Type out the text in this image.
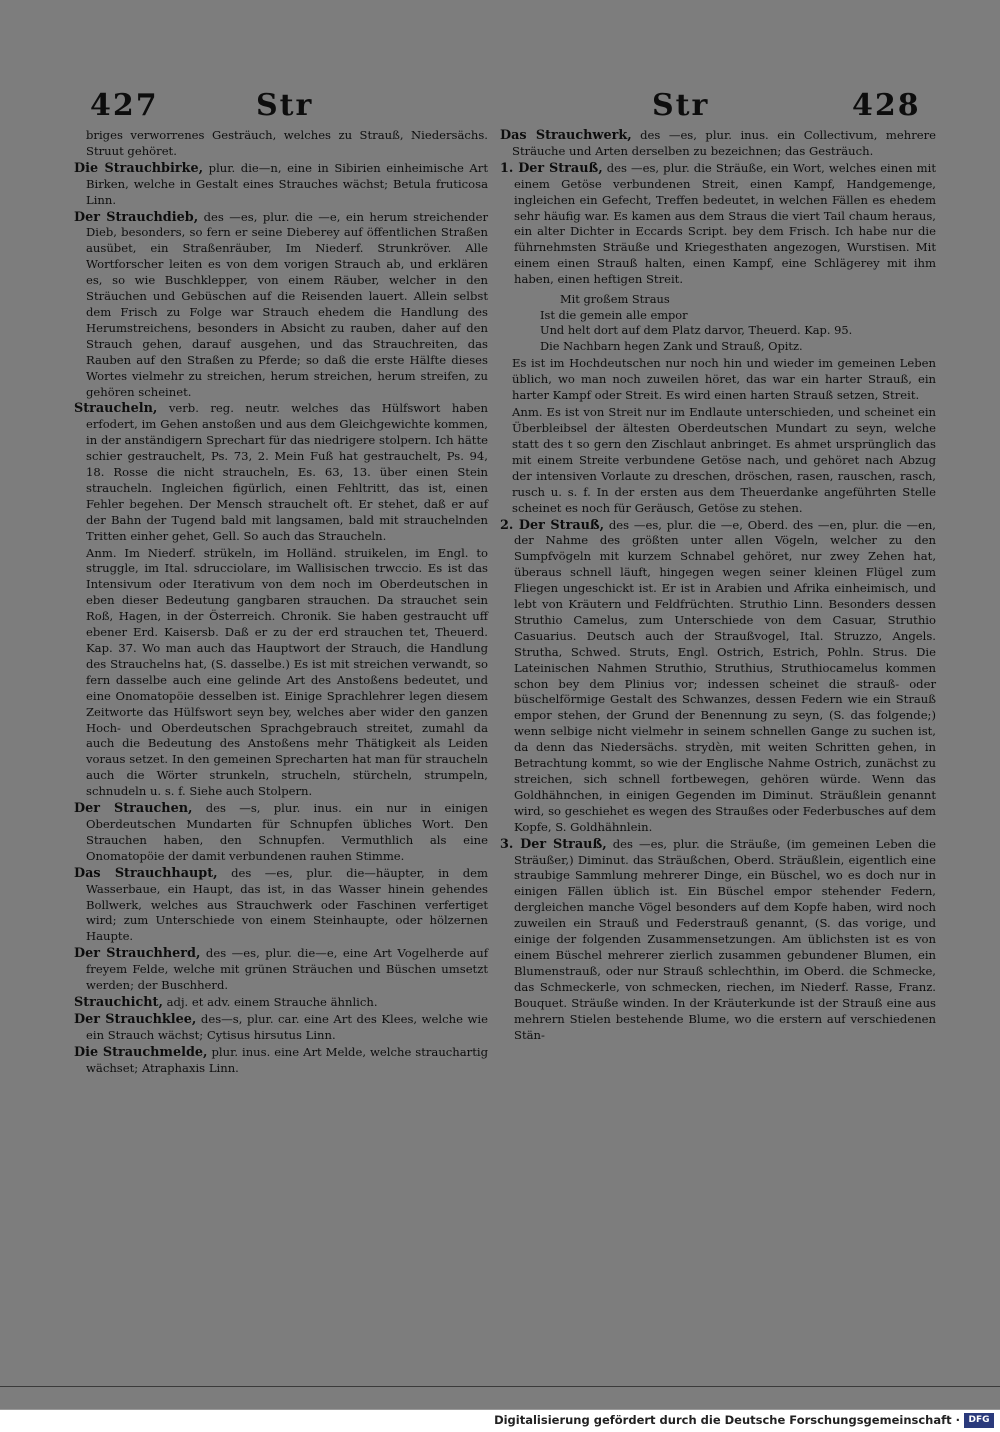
427	Str	Str	428
briges verworrenes Gesträuch, welches zu Strauß, Niedersächs. Struut gehöret.
Die Strauchbirke, plur. die—n, eine in Sibirien einheimische Art Birken, welche in Gestalt eines Strauches wächst; Betula fruticosa Linn.
Der Strauchdieb, des —es, plur. die —e, ein herum streichender Dieb, besonders, so fern er seine Dieberey auf öffentlichen Straßen ausübet, ein Straßenräuber, Im Niederf. Strunkröver. Alle Wortforscher leiten es von dem vorigen Strauch ab, und erklären es, so wie Buschklepper, von einem Räuber, welcher in den Sträuchen und Gebüschen auf die Reisenden lauert. Allein selbst dem Frisch zu Folge war Strauch ehedem die Handlung des Herumstreichens, besonders in Absicht zu rauben, daher auf den Strauch gehen, darauf ausgehen, und das Strauchreiten, das Rauben auf den Straßen zu Pferde; so daß die erste Hälfte dieses Wortes vielmehr zu streichen, herum streichen, herum streifen, zu gehören scheinet.
Straucheln, verb. reg. neutr. welches das Hülfswort haben erfodert, im Gehen anstoßen und aus dem Gleichgewichte kommen, in der anständigern Sprechart für das niedrigere stolpern. Ich hätte schier gestrauchelt, Ps. 73, 2. Mein Fuß hat gestrauchelt, Ps. 94, 18. Rosse die nicht straucheln, Es. 63, 13. über einen Stein straucheln. Ingleichen figürlich, einen Fehltritt, das ist, einen Fehler begehen. Der Mensch strauchelt oft. Er stehet, daß er auf der Bahn der Tugend bald mit langsamen, bald mit strauchelnden Tritten einher gehet, Gell. So auch das Straucheln.
Anm. Im Niederf. strükeln, im Holländ. struikelen, im Engl. to struggle, im Ital. sdrucciolare, im Wallisischen trwccio. Es ist das Intensivum oder Iterativum von dem noch im Oberdeutschen in eben dieser Bedeutung gangbaren strauchen. Da strauchet sein Roß, Hagen, in der Österreich. Chronik. Sie haben gestraucht uff ebener Erd. Kaisersb. Daß er zu der erd strauchen tet, Theuerd. Kap. 37. Wo man auch das Hauptwort der Strauch, die Handlung des Strauchelns hat, (S. dasselbe.) Es ist mit streichen verwandt, so fern dasselbe auch eine gelinde Art des Anstoßens bedeutet, und eine Onomatopöie desselben ist. Einige Sprachlehrer legen diesem Zeitworte das Hülfswort seyn bey, welches aber wider den ganzen Hoch- und Oberdeutschen Sprachgebrauch streitet, zumahl da auch die Bedeutung des Anstoßens mehr Thätigkeit als Leiden voraus setzet. In den gemeinen Sprecharten hat man für straucheln auch die Wörter strunkeln, strucheln, stürcheln, strumpeln, schnudeln u. s. f. Siehe auch Stolpern.
Der Strauchen, des —s, plur. inus. ein nur in einigen Oberdeutschen Mundarten für Schnupfen übliches Wort. Den Strauchen haben, den Schnupfen. Vermuthlich als eine Onomatopöie der damit verbundenen rauhen Stimme.
Das Strauchhaupt, des —es, plur. die—häupter, in dem Wasserbaue, ein Haupt, das ist, in das Wasser hinein gehendes Bollwerk, welches aus Strauchwerk oder Faschinen verfertiget wird; zum Unterschiede von einem Steinhaupte, oder hölzernen Haupte.
Der Strauchherd, des —es, plur. die—e, eine Art Vogelherde auf freyem Felde, welche mit grünen Sträuchen und Büschen umsetzt werden; der Buschherd.
Strauchicht, adj. et adv. einem Strauche ähnlich.
Der Strauchklee, des—s, plur. car. eine Art des Klees, welche wie ein Strauch wächst; Cytisus hirsutus Linn.
Die Strauchmelde, plur. inus. eine Art Melde, welche strauchartig wächset; Atraphaxis Linn.
Das Strauchwerk, des —es, plur. inus. ein Collectivum, mehrere Sträuche und Arten derselben zu bezeichnen; das Gesträuch.
1. Der Strauß, des —es, plur. die Sträuße, ein Wort, welches einen mit einem Getöse verbundenen Streit, einen Kampf, Handgemenge, ingleichen ein Gefecht, Treffen bedeutet, in welchen Fällen es ehedem sehr häufig war. Es kamen aus dem Straus die viert Tail chaum heraus, ein alter Dichter in Eccards Script. bey dem Frisch. Ich habe nur die führnehmsten Sträuße und Kriegesthaten angezogen, Wurstisen. Mit einem einen Strauß halten, einen Kampf, eine Schlägerey mit ihm haben, einen heftigen Streit.
Mit großem Straus
Ist die gemein alle empor
Und helt dort auf dem Platz darvor, Theuerd. Kap. 95.
Die Nachbarn hegen Zank und Strauß, Opitz.
Es ist im Hochdeutschen nur noch hin und wieder im gemeinen Leben üblich, wo man noch zuweilen höret, das war ein harter Strauß, ein harter Kampf oder Streit. Es wird einen harten Strauß setzen, Streit.
Anm. Es ist von Streit nur im Endlaute unterschieden, und scheinet ein Überbleibsel der ältesten Oberdeutschen Mundart zu seyn, welche statt des t so gern den Zischlaut anbringet. Es ahmet ursprünglich das mit einem Streite verbundene Getöse nach, und gehöret nach Abzug der intensiven Vorlaute zu dreschen, dröschen, rasen, rauschen, rasch, rusch u. s. f. In der ersten aus dem Theuerdanke angeführten Stelle scheinet es noch für Geräusch, Getöse zu stehen.
2. Der Strauß, des —es, plur. die —e, Oberd. des —en, plur. die —en, der Nahme des größten unter allen Vögeln, welcher zu den Sumpfvögeln mit kurzem Schnabel gehöret, nur zwey Zehen hat, überaus schnell läuft, hingegen wegen seiner kleinen Flügel zum Fliegen ungeschickt ist. Er ist in Arabien und Afrika einheimisch, und lebt von Kräutern und Feldfrüchten. Struthio Linn. Besonders dessen Struthio Camelus, zum Unterschiede von dem Casuar, Struthio Casuarius. Deutsch auch der Straußvogel, Ital. Struzzo, Angels. Strutha, Schwed. Struts, Engl. Ostrich, Estrich, Pohln. Strus. Die Lateinischen Nahmen Struthio, Struthius, Struthiocamelus kommen schon bey dem Plinius vor; indessen scheinet die strauß- oder büschelförmige Gestalt des Schwanzes, dessen Federn wie ein Strauß empor stehen, der Grund der Benennung zu seyn, (S. das folgende;) wenn selbige nicht vielmehr in seinem schnellen Gange zu suchen ist, da denn das Niedersächs. strydèn, mit weiten Schritten gehen, in Betrachtung kommt, so wie der Englische Nahme Ostrich, zunächst zu streichen, sich schnell fortbewegen, gehören würde. Wenn das Goldhähnchen, in einigen Gegenden im Diminut. Sträußlein genannt wird, so geschiehet es wegen des Straußes oder Federbusches auf dem Kopfe, S. Goldhähnlein.
3. Der Strauß, des —es, plur. die Sträuße, (im gemeinen Leben die Sträußer,) Diminut. das Sträußchen, Oberd. Sträußlein, eigentlich eine straubige Sammlung mehrerer Dinge, ein Büschel, wo es doch nur in einigen Fällen üblich ist. Ein Büschel empor stehender Federn, dergleichen manche Vögel besonders auf dem Kopfe haben, wird noch zuweilen ein Strauß und Federstrauß genannt, (S. das vorige, und einige der folgenden Zusammensetzungen. Am üblichsten ist es von einem Büschel mehrerer zierlich zusammen gebundener Blumen, ein Blumenstrauß, oder nur Strauß schlechthin, im Oberd. die Schmecke, das Schmeckerle, von schmecken, riechen, im Niederf. Rasse, Franz. Bouquet. Sträuße winden. In der Kräuterkunde ist der Strauß eine aus mehrern Stielen bestehende Blume, wo die erstern auf verschiedenen Stän-
Digitalisierung gefördert durch die Deutsche Forschungsgemeinschaft · DFG
